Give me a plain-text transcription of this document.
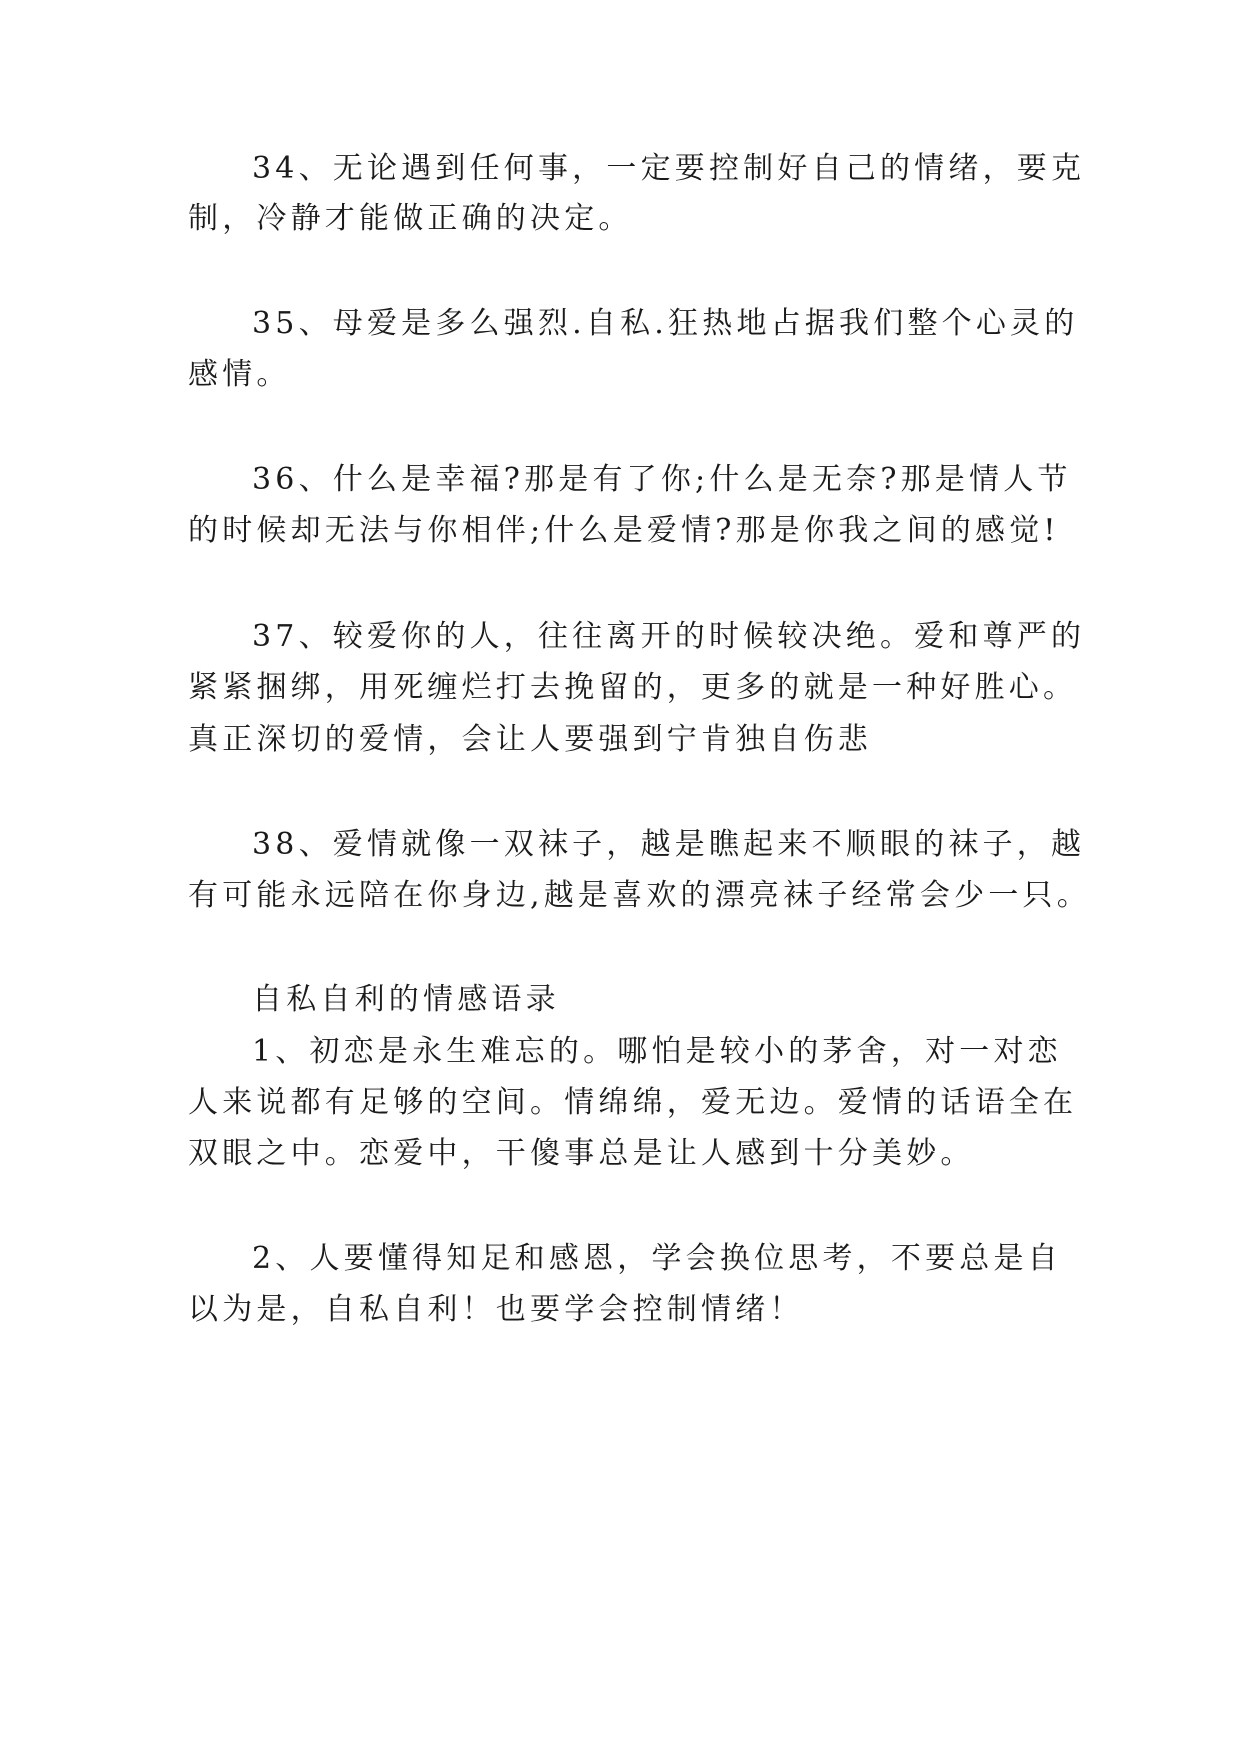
34、无论遇到任何事，一定要控制好自己的情绪，要克
制，冷静才能做正确的决定。
35、母爱是多么强烈.自私.狂热地占据我们整个心灵的
感情。
36、什么是幸福?那是有了你;什么是无奈?那是情人节
的时候却无法与你相伴;什么是爱情?那是你我之间的感觉!
37、较爱你的人，往往离开的时候较决绝。爱和尊严的
紧紧捆绑，用死缠烂打去挽留的，更多的就是一种好胜心。
真正深切的爱情，会让人要强到宁肯独自伤悲
38、爱情就像一双袜子，越是瞧起来不顺眼的袜子，越
有可能永远陪在你身边,越是喜欢的漂亮袜子经常会少一只。
自私自利的情感语录
1、初恋是永生难忘的。哪怕是较小的茅舍，对一对恋
人来说都有足够的空间。情绵绵，爱无边。爱情的话语全在
双眼之中。恋爱中，干傻事总是让人感到十分美妙。
2、人要懂得知足和感恩，学会换位思考，不要总是自
以为是，自私自利！也要学会控制情绪！
